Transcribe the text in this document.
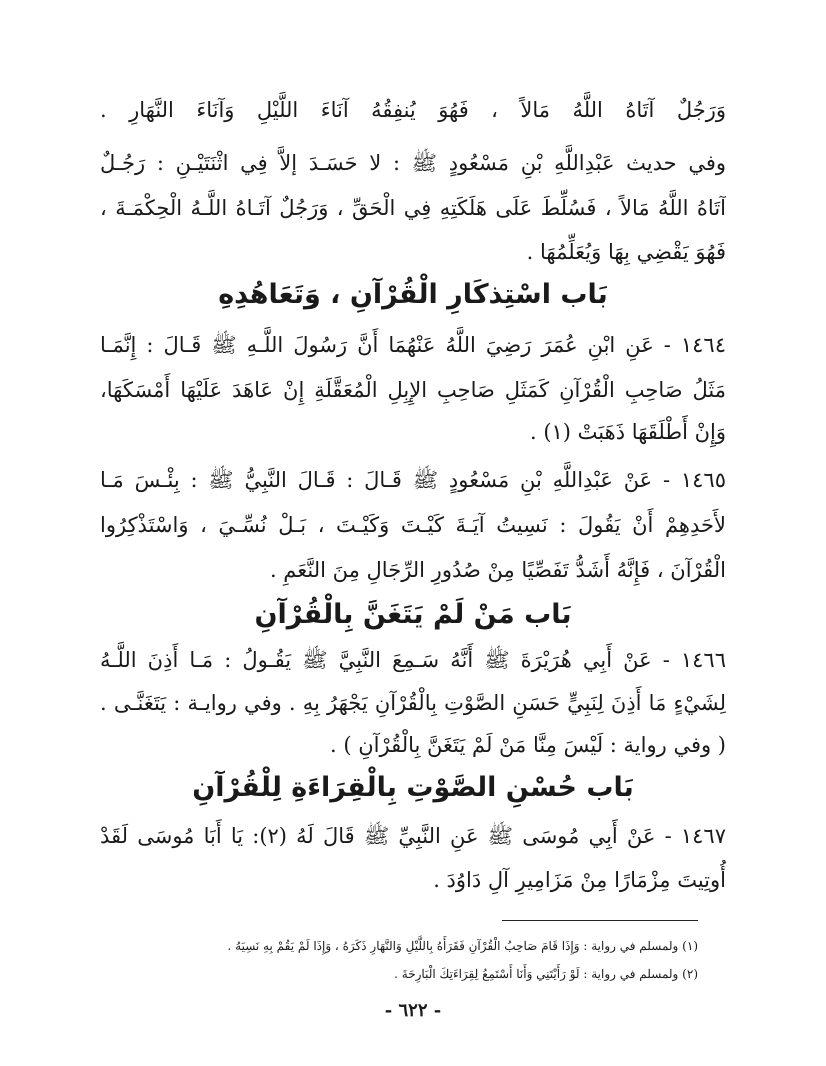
وَرَجُلٌ آتَاهُ اللَّهُ مَالاً ، فَهُوَ يُنفِقُهُ آنَاءَ اللَّيْلِ وَآنَاءَ النَّهَارِ .
وفي حديث عَبْدِاللَّهِ بْنِ مَسْعُودٍ ﷺ : لا حَسَـدَ إلاَّ فِي اثْنَتَيْـنِ : رَجُـلٌ
آتَاهُ اللَّهُ مَالاً ، فَسُلِّطَ عَلَى هَلَكَتِهِ فِي الْحَقِّ ، وَرَجُلٌ آتَـاهُ اللَّـهُ الْحِكْمَـةَ ،
فَهُوَ يَقْضِي بِهَا وَيُعَلِّمُهَا .
بَاب اسْتِذكَارِ الْقُرْآنِ ، وَتَعَاهُدِهِ
١٤٦٤ - عَنِ ابْنِ عُمَرَ رَضِيَ اللَّهُ عَنْهُمَا أَنَّ رَسُولَ اللَّـهِ ﷺ قَـالَ : إِنَّمَـا
مَثَلُ صَاحِبِ الْقُرْآنِ كَمَثَلِ صَاحِبِ الإِبِلِ الْمُعَقَّلَةِ إِنْ عَاهَدَ عَلَيْهَا أَمْسَكَهَا،
وَإِنْ أَطْلَقَهَا ذَهَبَتْ (١) .
١٤٦٥ - عَنْ عَبْدِاللَّهِ بْنِ مَسْعُودٍ ﷺ قَـالَ : قَـالَ النَّبِيُّ ﷺ : بِئْـسَ مَـا
لأَحَدِهِمْ أَنْ يَقُولَ : نَسِيتُ آيَـةَ كَيْـتَ وَكَيْـتَ ، بَـلْ نُسِّـيَ ، وَاسْتَذْكِرُوا
الْقُرْآنَ ، فَإِنَّهُ أَشَدُّ تَفَصِّيًا مِنْ صُدُورِ الرِّجَالِ مِنَ النَّعَمِ .
بَاب مَنْ لَمْ يَتَغَنَّ بِالْقُرْآنِ
١٤٦٦ - عَنْ أَبِي هُرَيْرَةَ ﷺ أَنَّهُ سَـمِعَ النَّبِيَّ ﷺ يَقُـولُ : مَـا أَذِنَ اللَّـهُ
لِشَيْءٍ مَا أَذِنَ لِنَبِيٍّ حَسَنِ الصَّوْتِ بِالْقُرْآنِ يَجْهَرُ بِهِ . وفي روايـة : يَتَغَنَّـى .
( وفي رواية : لَيْسَ مِنَّا مَنْ لَمْ يَتَغَنَّ بِالْقُرْآنِ ) .
بَاب حُسْنِ الصَّوْتِ بِالْقِرَاءَةِ لِلْقُرْآنِ
١٤٦٧ - عَنْ أَبِي مُوسَى ﷺ عَنِ النَّبِيِّ ﷺ قَالَ لَهُ (٢): يَا أَبَا مُوسَى لَقَدْ
أُوتِيتَ مِزْمَارًا مِنْ مَزَامِيرِ آلِ دَاوُدَ .
(١) ولمسلم في رواية : وَإِذَا قَامَ صَاحِبُ الْقُرْآنِ فَقَرَأَهُ بِاللَّيْلِ وَالنَّهَارِ ذَكَرَهُ ، وَإِذَا لَمْ يَقُمْ بِهِ نَسِيَهُ .
(٢) ولمسلم في رواية : لَوْ رَأَيْتَنِي وَأَنَا أَسْتَمِعُ لِقِرَاءَتِكَ الْبَارِحَةَ .
- ٦٢٢ -
